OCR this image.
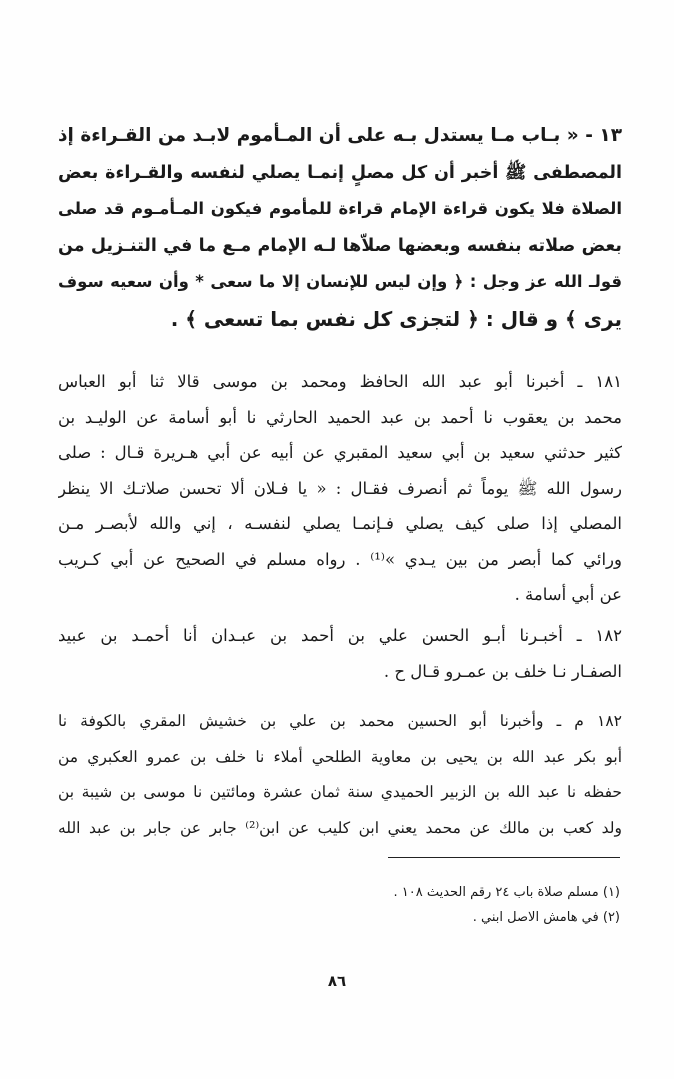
١٣ - « بـاب مـا يستدل بـه على أن المـأموم لابـد من القـراءة إذ
المصطفى ﷺ أخبر أن كل مصلٍ إنمـا يصلي لنفسه والقـراءة بعض
الصلاة فلا يكون قراءة الإمام قراءة للمأموم فيكون المـأمـوم قد صلى
بعض صلاته بنفسه وبعضها صلاّها لـه الإمام مـع ما في التنـزيل من
قولـ الله عز وجل : ﴿ وإن ليس للإنسان إلا ما سعى * وأن سعيه سوف
يرى ﴾ و قال : ﴿ لتجزى كل نفس بما تسعى ﴾ .
١٨١ ـ أخبرنا أبو عبد الله الحافظ ومحمد بن موسى قالا ثنا أبو العباس
محمد بن يعقوب نا أحمد بن عبد الحميد الحارثي نا أبو أسامة عن الوليـد بن
كثير حدثني سعيد بن أبي سعيد المقبري عن أبيه عن أبي هـريرة قـال : صلى
رسول الله ﷺ يوماً ثم أنصرف فقـال : « يا فـلان ألا تحسن صلاتـك الا ينظر
المصلي إذا صلى كيف يصلي فـإنمـا يصلي لنفسـه ، إني والله لأبصـر مـن
ورائي كما أبصر من بين يـدي »⁽¹⁾ . رواه مسلم في الصحيح عن أبي كـريب
عن أبي أسامة .
١٨٢ ـ أخبـرنا أبـو الحسن علي بن أحمد بن عبـدان أنا أحمـد بن عبيد
الصفـار نـا خلف بن عمـرو قـال ح .
١٨٢ م ـ وأخبرنا أبو الحسين محمد بن علي بن خشيش المقري بالكوفة نا
أبو بكر عبد الله بن يحيى بن معاوية الطلحي أملاء نا خلف بن عمرو العكبري من
حفظه نا عبد الله بن الزبير الحميدي سنة ثمان عشرة ومائتين نا موسى بن شيبة بن
ولد كعب بن مالك عن محمد يعني ابن كليب عن ابن⁽²⁾ جابر عن جابر بن عبد الله
(١) مسلم صلاة باب ٢٤ رقم الحديث ١٠٨ .
(٢) في هامش الاصل ابني .
٨٦
